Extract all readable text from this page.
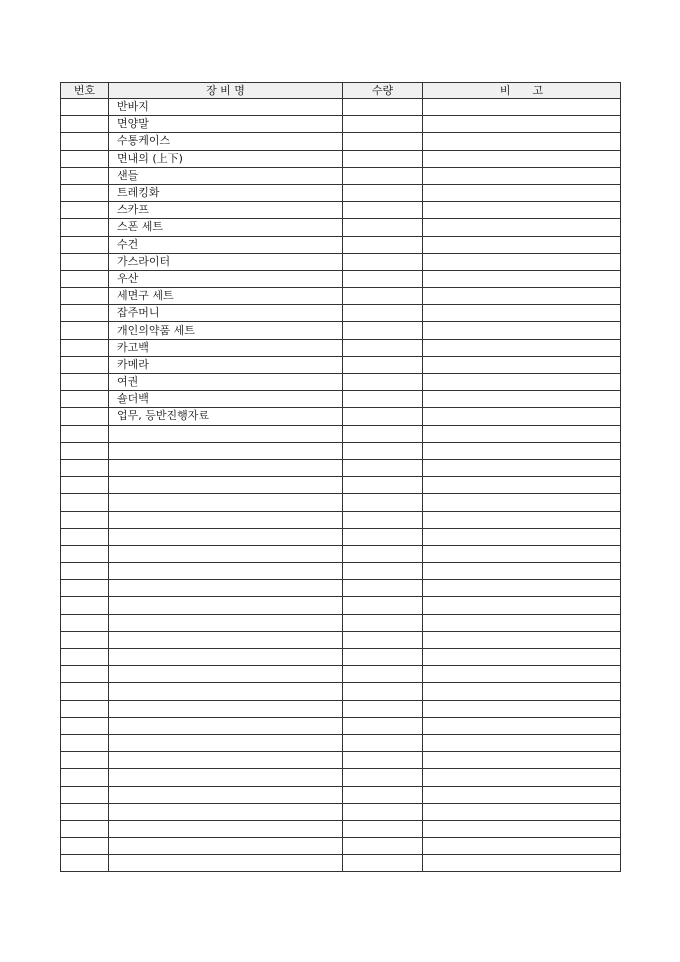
번호	장 비 명	수량	비　　고
	반바지		
	면양말		
	수통케이스		
	면내의 (上下)		
	샌들		
	트레킹화		
	스카프		
	스폰 세트		
	수건		
	가스라이터		
	우산		
	세면구 세트		
	잡주머니		
	개인의약품 세트		
	카고백		
	카메라		
	여권		
	숄더백		
	업무, 등반진행자료		
